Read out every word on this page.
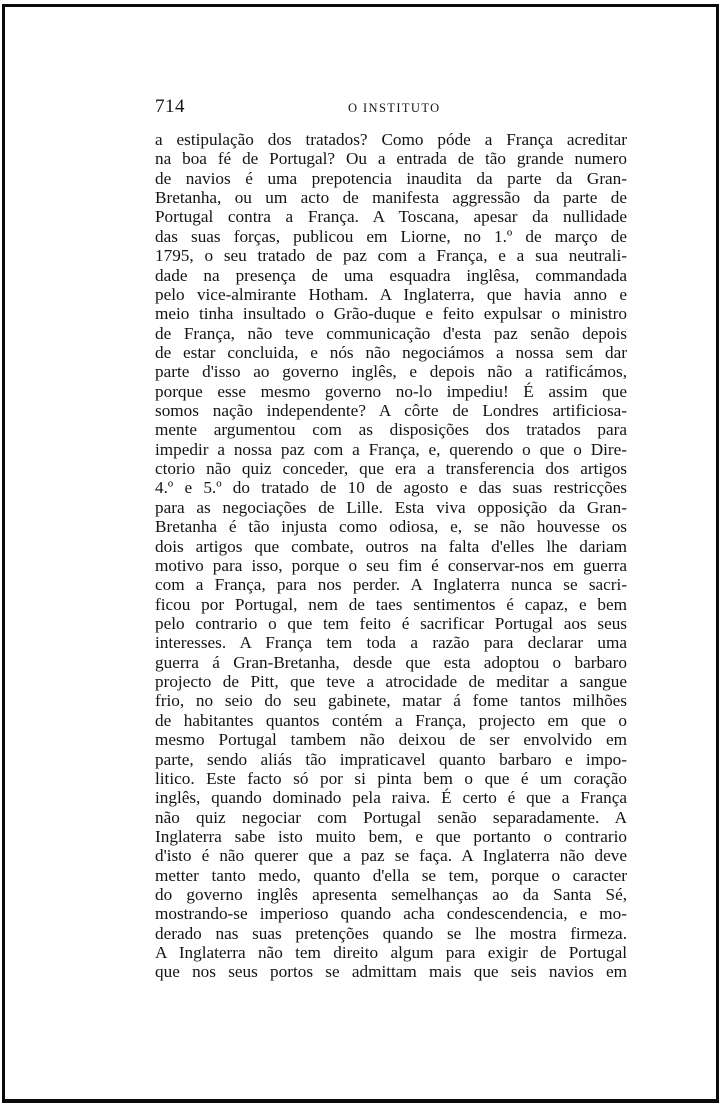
714	O INSTITUTO
a estipulação dos tratados? Como póde a França acreditar
na boa fé de Portugal? Ou a entrada de tão grande numero
de navios é uma prepotencia inaudita da parte da Gran-
Bretanha, ou um acto de manifesta aggressão da parte de
Portugal contra a França. A Toscana, apesar da nullidade
das suas forças, publicou em Liorne, no 1.º de março de
1795, o seu tratado de paz com a França, e a sua neutrali-
dade na presença de uma esquadra inglêsa, commandada
pelo vice-almirante Hotham. A Inglaterra, que havia anno e
meio tinha insultado o Grão-duque e feito expulsar o ministro
de França, não teve communicação d'esta paz senão depois
de estar concluida, e nós não negociámos a nossa sem dar
parte d'isso ao governo inglês, e depois não a ratificámos,
porque esse mesmo governo no-lo impediu! É assim que
somos nação independente? A côrte de Londres artificiosa-
mente argumentou com as disposições dos tratados para
impedir a nossa paz com a França, e, querendo o que o Dire-
ctorio não quiz conceder, que era a transferencia dos artigos
4.º e 5.º do tratado de 10 de agosto e das suas restricções
para as negociações de Lille. Esta viva opposição da Gran-
Bretanha é tão injusta como odiosa, e, se não houvesse os
dois artigos que combate, outros na falta d'elles lhe dariam
motivo para isso, porque o seu fim é conservar-nos em guerra
com a França, para nos perder. A Inglaterra nunca se sacri-
ficou por Portugal, nem de taes sentimentos é capaz, e bem
pelo contrario o que tem feito é sacrificar Portugal aos seus
interesses. A França tem toda a razão para declarar uma
guerra á Gran-Bretanha, desde que esta adoptou o barbaro
projecto de Pitt, que teve a atrocidade de meditar a sangue
frio, no seio do seu gabinete, matar á fome tantos milhões
de habitantes quantos contém a França, projecto em que o
mesmo Portugal tambem não deixou de ser envolvido em
parte, sendo aliás tão impraticavel quanto barbaro e impo-
litico. Este facto só por si pinta bem o que é um coração
inglês, quando dominado pela raiva. É certo é que a França
não quiz negociar com Portugal senão separadamente. A
Inglaterra sabe isto muito bem, e que portanto o contrario
d'isto é não querer que a paz se faça. A Inglaterra não deve
metter tanto medo, quanto d'ella se tem, porque o caracter
do governo inglês apresenta semelhanças ao da Santa Sé,
mostrando-se imperioso quando acha condescendencia, e mo-
derado nas suas pretenções quando se lhe mostra firmeza.
A Inglaterra não tem direito algum para exigir de Portugal
que nos seus portos se admittam mais que seis navios em
